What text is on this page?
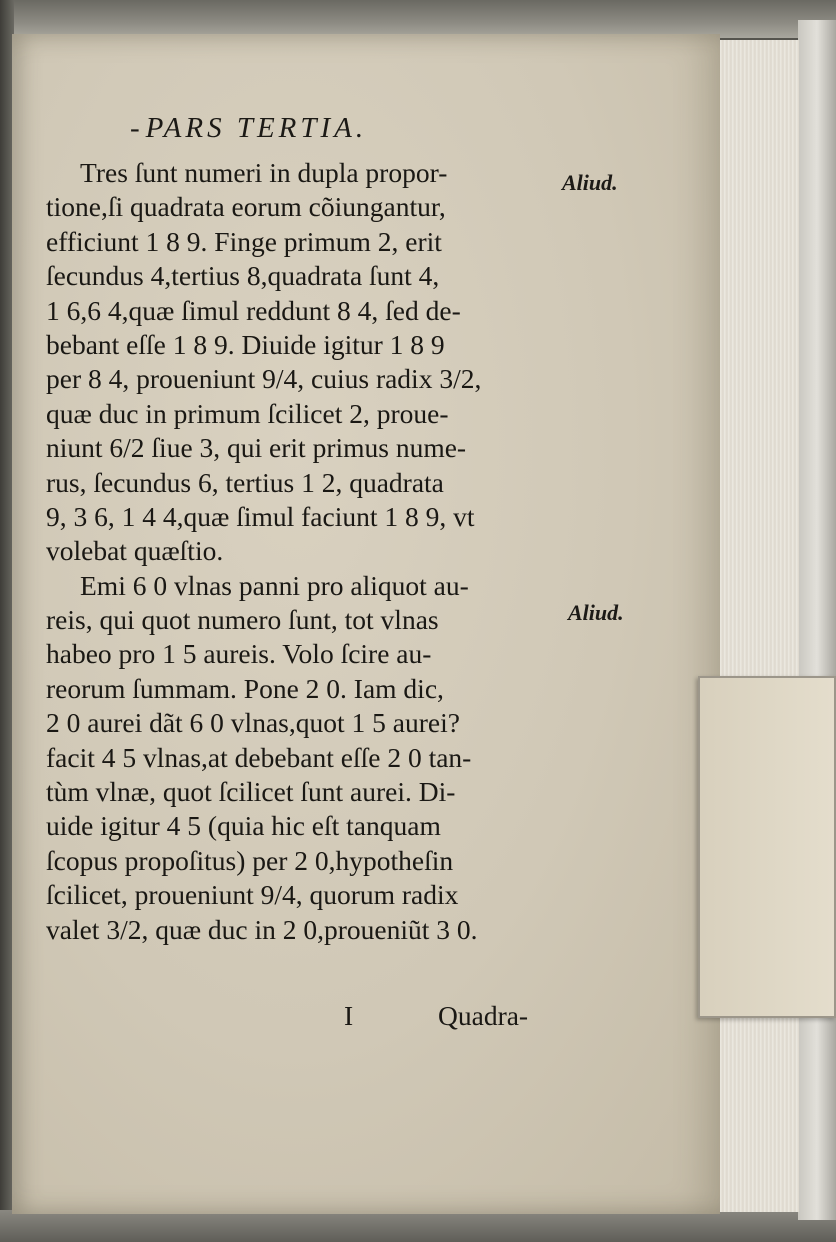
- PARS TERTIA.
Tres ſunt numeri in dupla propor-
tione,ſi quadrata eorum cõiungantur,
efficiunt 1 8 9. Finge primum 2, erit
ſecundus 4,tertius 8,quadrata ſunt 4,
1 6,6 4,quæ ſimul reddunt 8 4, ſed de-
bebant eſſe 1 8 9. Diuide igitur 1 8 9
per 8 4, proueniunt 9/4, cuius radix 3/2,
quæ duc in primum ſcilicet 2, proue-
niunt 6/2 ſiue 3, qui erit primus nume-
rus, ſecundus 6, tertius 1 2, quadrata
9, 3 6, 1 4 4,quæ ſimul faciunt 1 8 9, vt
volebat quæſtio.
Emi 6 0 vlnas panni pro aliquot au-
reis, qui quot numero ſunt, tot vlnas
habeo pro 1 5 aureis. Volo ſcire au-
reorum ſummam. Pone 2 0. Iam dic,
2 0 aurei dãt 6 0 vlnas,quot 1 5 aurei?
facit 4 5 vlnas,at debebant eſſe 2 0 tan-
tùm vlnæ, quot ſcilicet ſunt aurei. Di-
uide igitur 4 5 (quia hic eſt tanquam
ſcopus propoſitus) per 2 0,hypotheſin
ſcilicet, proueniunt 9/4, quorum radix
valet 3/2, quæ duc in 2 0,proueniũt 3 0.
Aliud.
Aliud.
I	Quadra-
